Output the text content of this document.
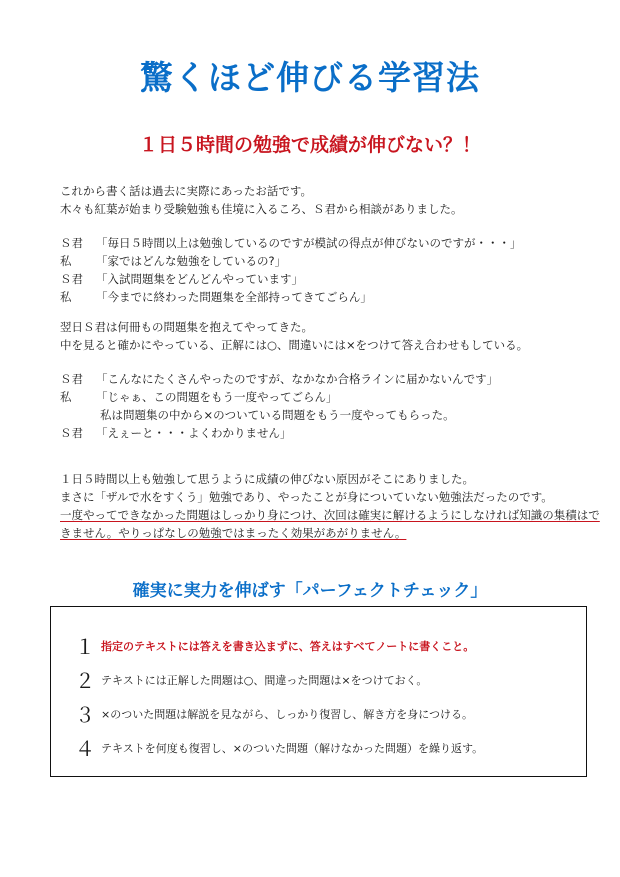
驚くほど伸びる学習法
１日５時間の勉強で成績が伸びない？！
これから書く話は過去に実際にあったお話です。
木々も紅葉が始まり受験勉強も佳境に入るころ、Ｓ君から相談がありました。
Ｓ君	「毎日５時間以上は勉強しているのですが模試の得点が伸びないのですが・・・」
私	「家ではどんな勉強をしているの?」
Ｓ君	「入試問題集をどんどんやっています」
私	「今までに終わった問題集を全部持ってきてごらん」
翌日Ｓ君は何冊もの問題集を抱えてやってきた。
中を見ると確かにやっている、正解には○、間違いには×をつけて答え合わせもしている。
Ｓ君	「こんなにたくさんやったのですが、なかなか合格ラインに届かないんです」
私	「じゃぁ、この問題をもう一度やってごらん」
私は問題集の中から×のついている問題をもう一度やってもらった。
Ｓ君	「えぇーと・・・よくわかりません」
１日５時間以上も勉強して思うように成績の伸びない原因がそこにありました。
まさに「ザルで水をすくう」勉強であり、やったことが身についていない勉強法だったのです。
一度やってできなかった問題はしっかり身につけ、次回は確実に解けるようにしなければ知識の集積はで
きません。やりっぱなしの勉強ではまったく効果があがりません。
確実に実力を伸ばす「パーフェクトチェック」
１ 指定のテキストには答えを書き込まずに、答えはすべてノートに書くこと。
２ テキストには正解した問題は○、間違った問題は×をつけておく。
３ ×のついた問題は解説を見ながら、しっかり復習し、解き方を身につける。
４ テキストを何度も復習し、×のついた問題（解けなかった問題）を繰り返す。
